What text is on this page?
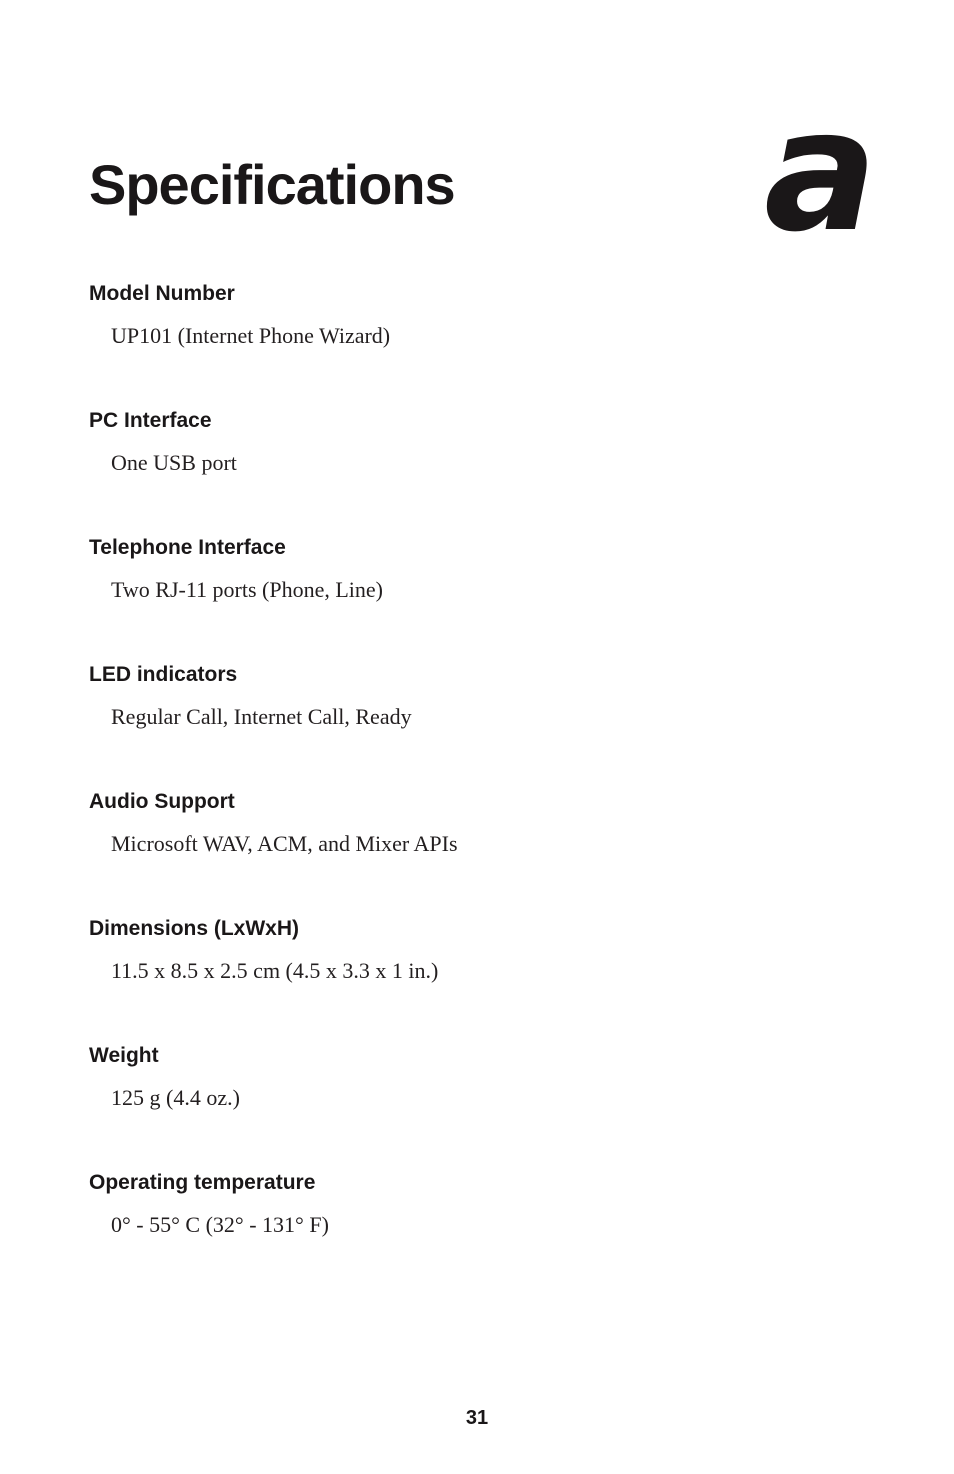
Specifications a

Model Number

UP101 (Internet Phone Wizard)

PC Interface

One USB port

Telephone Interface

Two RJ-11 ports (Phone, Line)

LED indicators

Regular Call, Internet Call, Ready

Audio Support

Microsoft WAV, ACM, and Mixer APIs

Dimensions (LxWxH)

11.5 x 8.5 x 2.5 cm (4.5 x 3.3 x 1 in.)

Weight

125 g (4.4 oz.)

Operating temperature

0° - 55° C (32° - 131° F)
31
